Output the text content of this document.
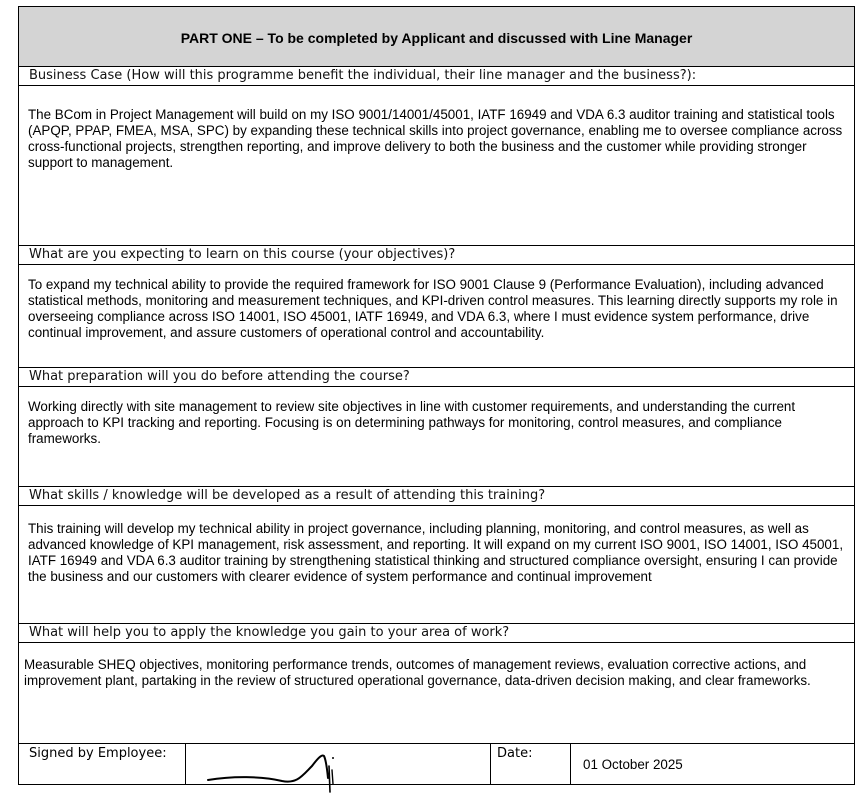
PART ONE – To be completed by Applicant and discussed with Line Manager
Business Case (How will this programme benefit the individual, their line manager and the business?):
The BCom in Project Management will build on my ISO 9001/14001/45001, IATF 16949 and VDA 6.3 auditor training and statistical tools (APQP, PPAP, FMEA, MSA, SPC) by expanding these technical skills into project governance, enabling me to oversee compliance across cross-functional projects, strengthen reporting, and improve delivery to both the business and the customer while providing stronger support to management.
What are you expecting to learn on this course (your objectives)?
To expand my technical ability to provide the required framework for ISO 9001 Clause 9 (Performance Evaluation), including advanced statistical methods, monitoring and measurement techniques, and KPI-driven control measures. This learning directly supports my role in overseeing compliance across ISO 14001, ISO 45001, IATF 16949, and VDA 6.3, where I must evidence system performance, drive continual improvement, and assure customers of operational control and accountability.
What preparation will you do before attending the course?
Working directly with site management to review site objectives in line with customer requirements, and understanding the current approach to KPI tracking and reporting. Focusing is on determining pathways for monitoring, control measures, and compliance frameworks.
What skills / knowledge will be developed as a result of attending this training?
This training will develop my technical ability in project governance, including planning, monitoring, and control measures, as well as advanced knowledge of KPI management, risk assessment, and reporting. It will expand on my current ISO 9001, ISO 14001, ISO 45001, IATF 16949 and VDA 6.3 auditor training by strengthening statistical thinking and structured compliance oversight, ensuring I can provide the business and our customers with clearer evidence of system performance and continual improvement
What will help you to apply the knowledge you gain to your area of work?
Measurable SHEQ objectives, monitoring performance trends, outcomes of management reviews, evaluation corrective actions, and improvement plant, partaking in the review of structured operational governance, data-driven decision making, and clear frameworks.
Signed by Employee:	Date:
01 October 2025
